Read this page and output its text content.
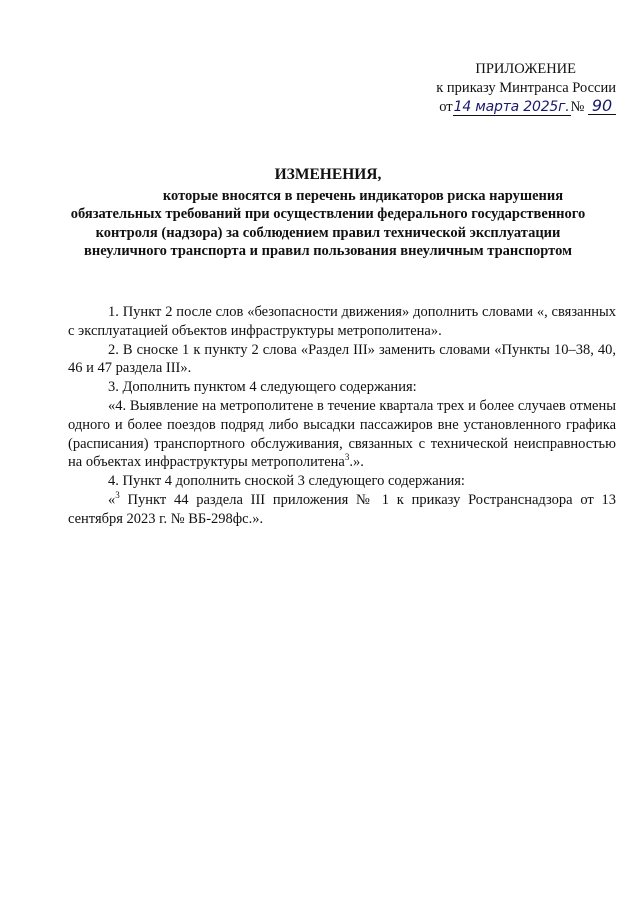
ПРИЛОЖЕНИЕ
к приказу Минтранса России
от14 марта 2025г.№ 90
ИЗМЕНЕНИЯ,
которые вносятся в перечень индикаторов риска нарушения
обязательных требований при осуществлении федерального государственного
контроля (надзора) за соблюдением правил технической эксплуатации
внеуличного транспорта и правил пользования внеуличным транспортом

1. Пункт 2 после слов «безопасности движения» дополнить словами «, связанных с эксплуатацией объектов инфраструктуры метрополитена».

2. В сноске 1 к пункту 2 слова «Раздел III» заменить словами «Пункты 10–38, 40, 46 и 47 раздела III».

3. Дополнить пунктом 4 следующего содержания:

«4. Выявление на метрополитене в течение квартала трех и более случаев отмены одного и более поездов подряд либо высадки пассажиров вне установленного графика (расписания) транспортного обслуживания, связанных с технической неисправностью на объектах инфраструктуры метрополитена$^3$.».

4. Пункт 4 дополнить сноской 3 следующего содержания:

«$^3$ Пункт 44 раздела III приложения № 1 к приказу Ространснадзора от 13 сентября 2023 г. № ВБ-298фс.».
